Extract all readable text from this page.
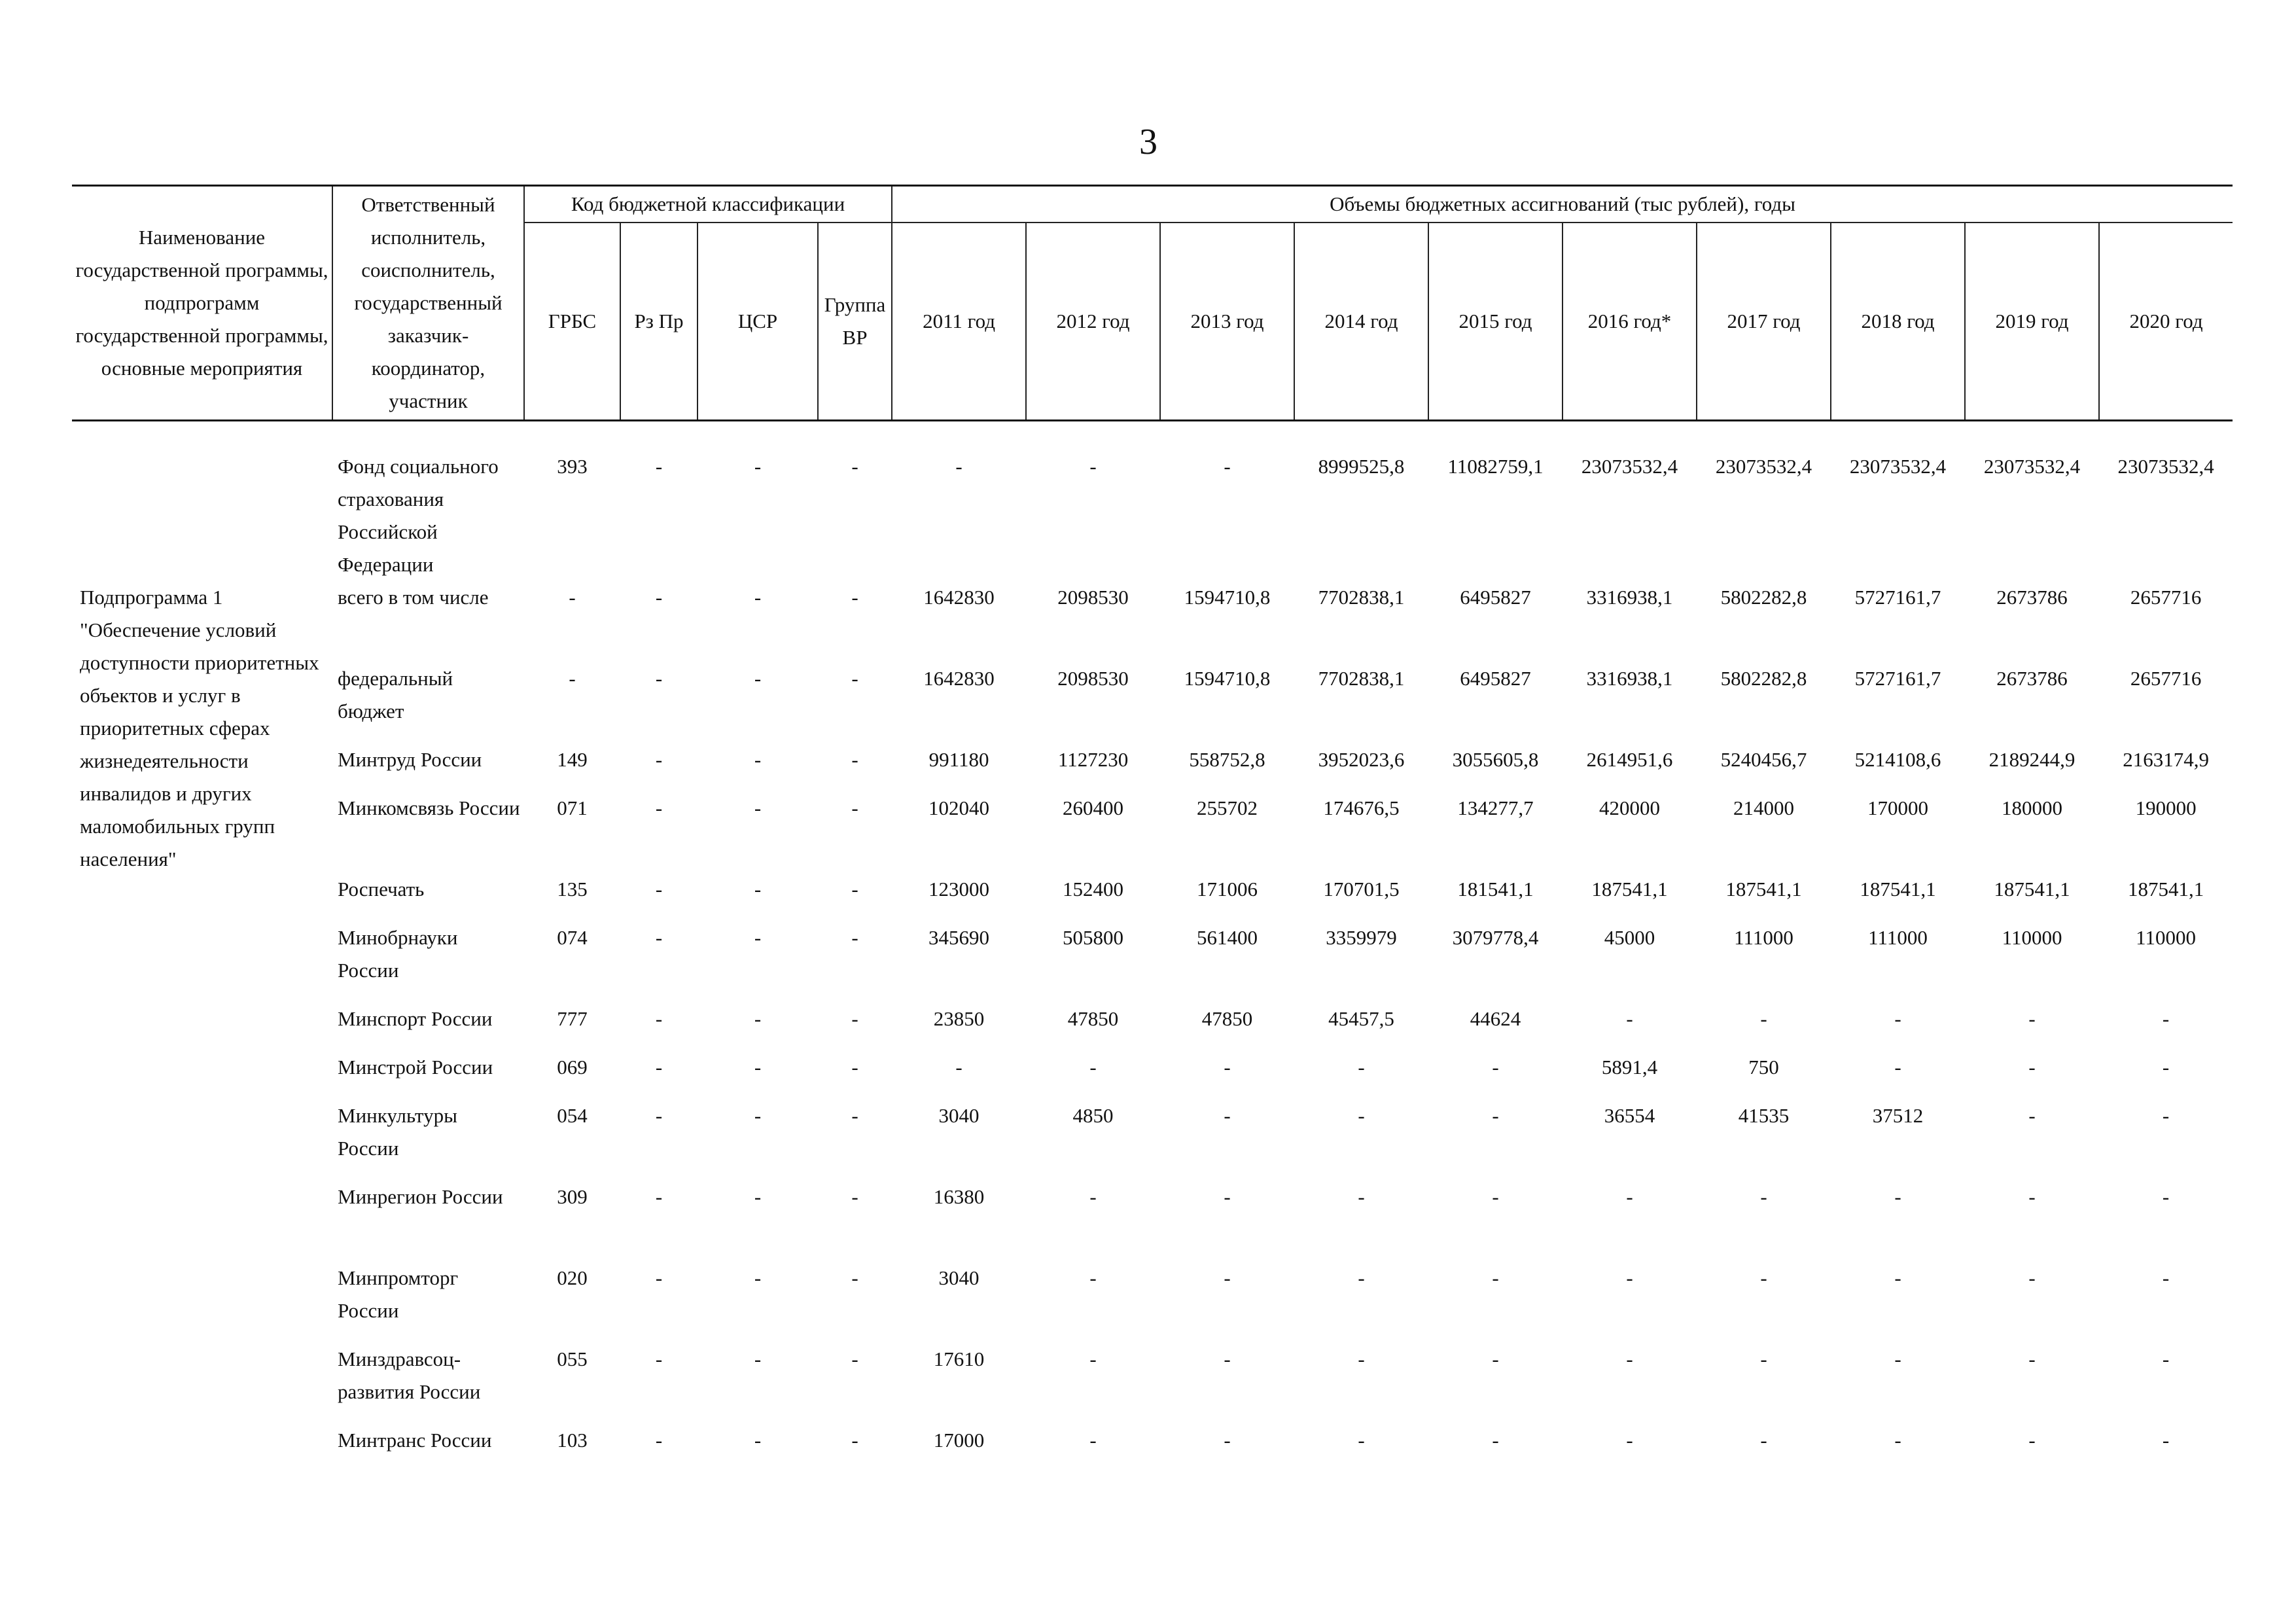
3
Наименование государственной программы, подпрограмм государственной программы, основные мероприятия	Ответственный исполнитель, соисполнитель, государственный заказчик-координатор, участник	Код бюджетной классификации				Объемы бюджетных ассигнований (тыс рублей), годы									
		ГРБС	Рз Пр	ЦСР	Группа ВР	2011 год	2012 год	2013 год	2014 год	2015 год	2016 год*	2017 год	2018 год	2019 год	2020 год

	Фонд социального страхования Российской Федерации	393	-	-	-	-	-	-	8999525,8	11082759,1	23073532,4	23073532,4	23073532,4	23073532,4	23073532,4
Подпрограмма 1 "Обеспечение условий доступности приоритетных объектов и услуг в приоритетных сферах жизнедеятельности инвалидов и других маломобильных групп населения"	всего в том числе	-	-	-	-	1642830	2098530	1594710,8	7702838,1	6495827	3316938,1	5802282,8	5727161,7	2673786	2657716
	федеральный бюджет	-	-	-	-	1642830	2098530	1594710,8	7702838,1	6495827	3316938,1	5802282,8	5727161,7	2673786	2657716
	Минтруд России	149	-	-	-	991180	1127230	558752,8	3952023,6	3055605,8	2614951,6	5240456,7	5214108,6	2189244,9	2163174,9
	Минкомсвязь России	071	-	-	-	102040	260400	255702	174676,5	134277,7	420000	214000	170000	180000	190000
	Роспечать	135	-	-	-	123000	152400	171006	170701,5	181541,1	187541,1	187541,1	187541,1	187541,1	187541,1
	Минобрнауки России	074	-	-	-	345690	505800	561400	3359979	3079778,4	45000	111000	111000	110000	110000
	Минспорт России	777	-	-	-	23850	47850	47850	45457,5	44624	-	-	-	-	-
	Минстрой России	069	-	-	-	-	-	-	-	-	5891,4	750	-	-	-
	Минкультуры России	054	-	-	-	3040	4850	-	-	-	36554	41535	37512	-	-
	Минрегион России	309	-	-	-	16380	-	-	-	-	-	-	-	-	-
	Минпромторг России	020	-	-	-	3040	-	-	-	-	-	-	-	-	-
	Минздравсоц-развития России	055	-	-	-	17610	-	-	-	-	-	-	-	-	-
	Минтранс России	103	-	-	-	17000	-	-	-	-	-	-	-	-	-
